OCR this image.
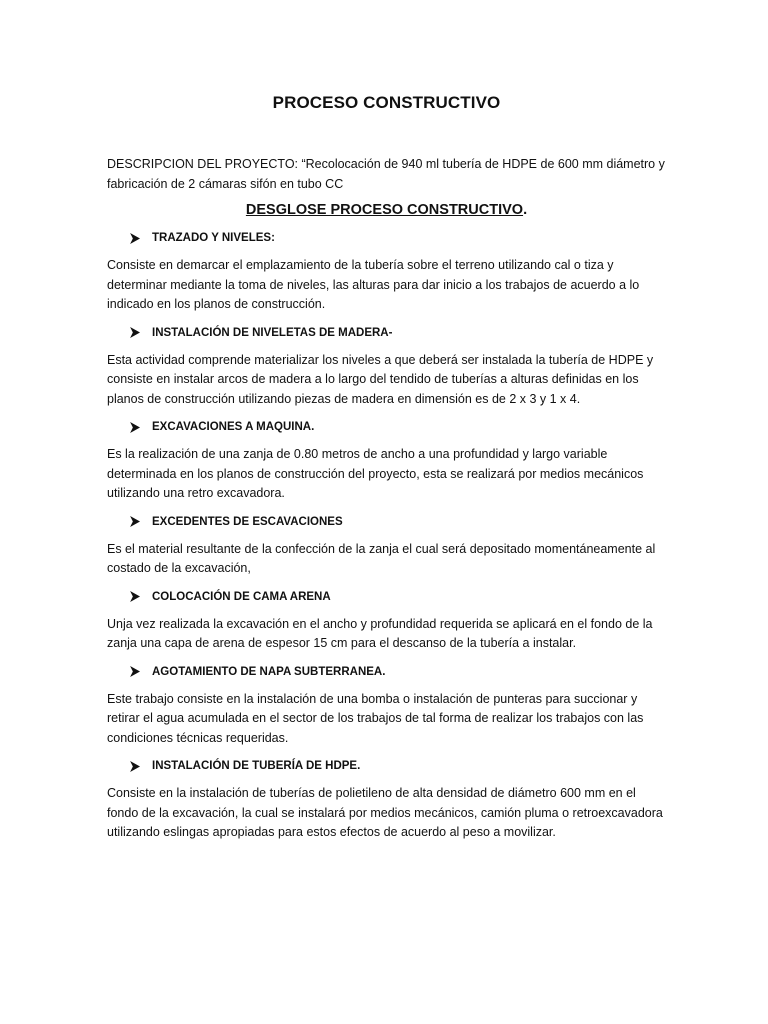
PROCESO CONSTRUCTIVO

DESCRIPCION DEL PROYECTO: “Recolocación de 940 ml tubería de HDPE de 600 mm diámetro y fabricación de 2 cámaras sifón en tubo CC

DESGLOSE PROCESO CONSTRUCTIVO.
TRAZADO Y NIVELES:

Consiste en demarcar el emplazamiento de la tubería sobre el terreno utilizando cal o tiza y determinar mediante la toma de niveles, las alturas para dar inicio a los trabajos de acuerdo a lo indicado en los planos de construcción.

INSTALACIÓN DE NIVELETAS DE MADERA-

Esta actividad comprende materializar los niveles a que deberá ser instalada la tubería de HDPE y consiste en instalar arcos de madera a lo largo del tendido de tuberías a alturas definidas en los planos de construcción utilizando piezas de madera en dimensión es de 2 x 3 y 1 x 4.

EXCAVACIONES A MAQUINA.

Es la realización de una zanja de 0.80 metros de ancho a una profundidad y largo variable determinada en los planos de construcción del proyecto, esta se realizará por medios mecánicos utilizando una retro excavadora.

EXCEDENTES DE ESCAVACIONES

Es el material resultante de la confección de la zanja el cual será depositado momentáneamente al costado de la excavación,

COLOCACIÓN DE CAMA ARENA

Unja vez realizada la excavación en el ancho y profundidad requerida se aplicará en el fondo de la zanja una capa de arena de espesor 15 cm para el descanso de la tubería a instalar.

AGOTAMIENTO DE NAPA SUBTERRANEA.

Este trabajo consiste en la instalación de una bomba o instalación de punteras para succionar y retirar el agua acumulada en el sector de los trabajos de tal forma de realizar los trabajos con las condiciones técnicas requeridas.

INSTALACIÓN DE TUBERÍA DE HDPE.

Consiste en la instalación de tuberías de polietileno de alta densidad de diámetro 600 mm en el fondo de la excavación, la cual se instalará por medios mecánicos, camión pluma o retroexcavadora utilizando eslingas apropiadas para estos efectos de acuerdo al peso a movilizar.
